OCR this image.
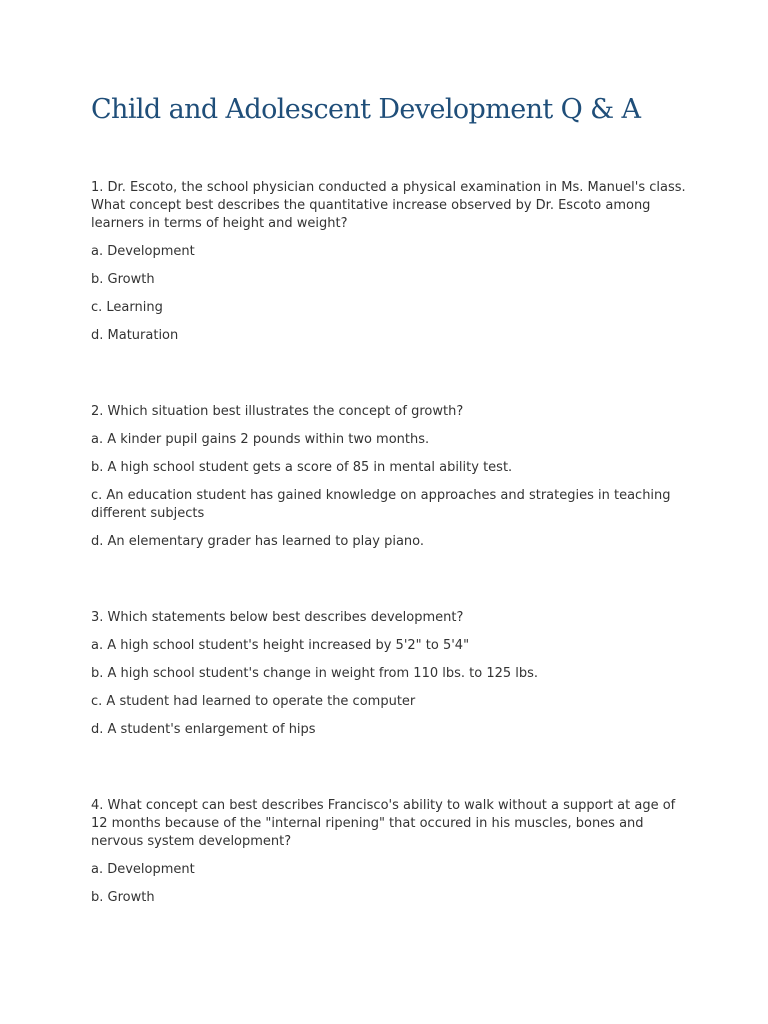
Child and Adolescent Development Q & A

1. Dr. Escoto, the school physician conducted a physical examination in Ms. Manuel's class. What concept best describes the quantitative increase observed by Dr. Escoto among learners in terms of height and weight?

a. Development

b. Growth

c. Learning

d. Maturation

2. Which situation best illustrates the concept of growth?

a. A kinder pupil gains 2 pounds within two months.

b. A high school student gets a score of 85 in mental ability test.

c. An education student has gained knowledge on approaches and strategies in teaching different subjects

d. An elementary grader has learned to play piano.

3. Which statements below best describes development?

a. A high school student's height increased by 5'2" to 5'4"

b. A high school student's change in weight from 110 lbs. to 125 lbs.

c. A student had learned to operate the computer

d. A student's enlargement of hips

4. What concept can best describes Francisco's ability to walk without a support at age of 12 months because of the "internal ripening" that occured in his muscles, bones and nervous system development?

a. Development

b. Growth
